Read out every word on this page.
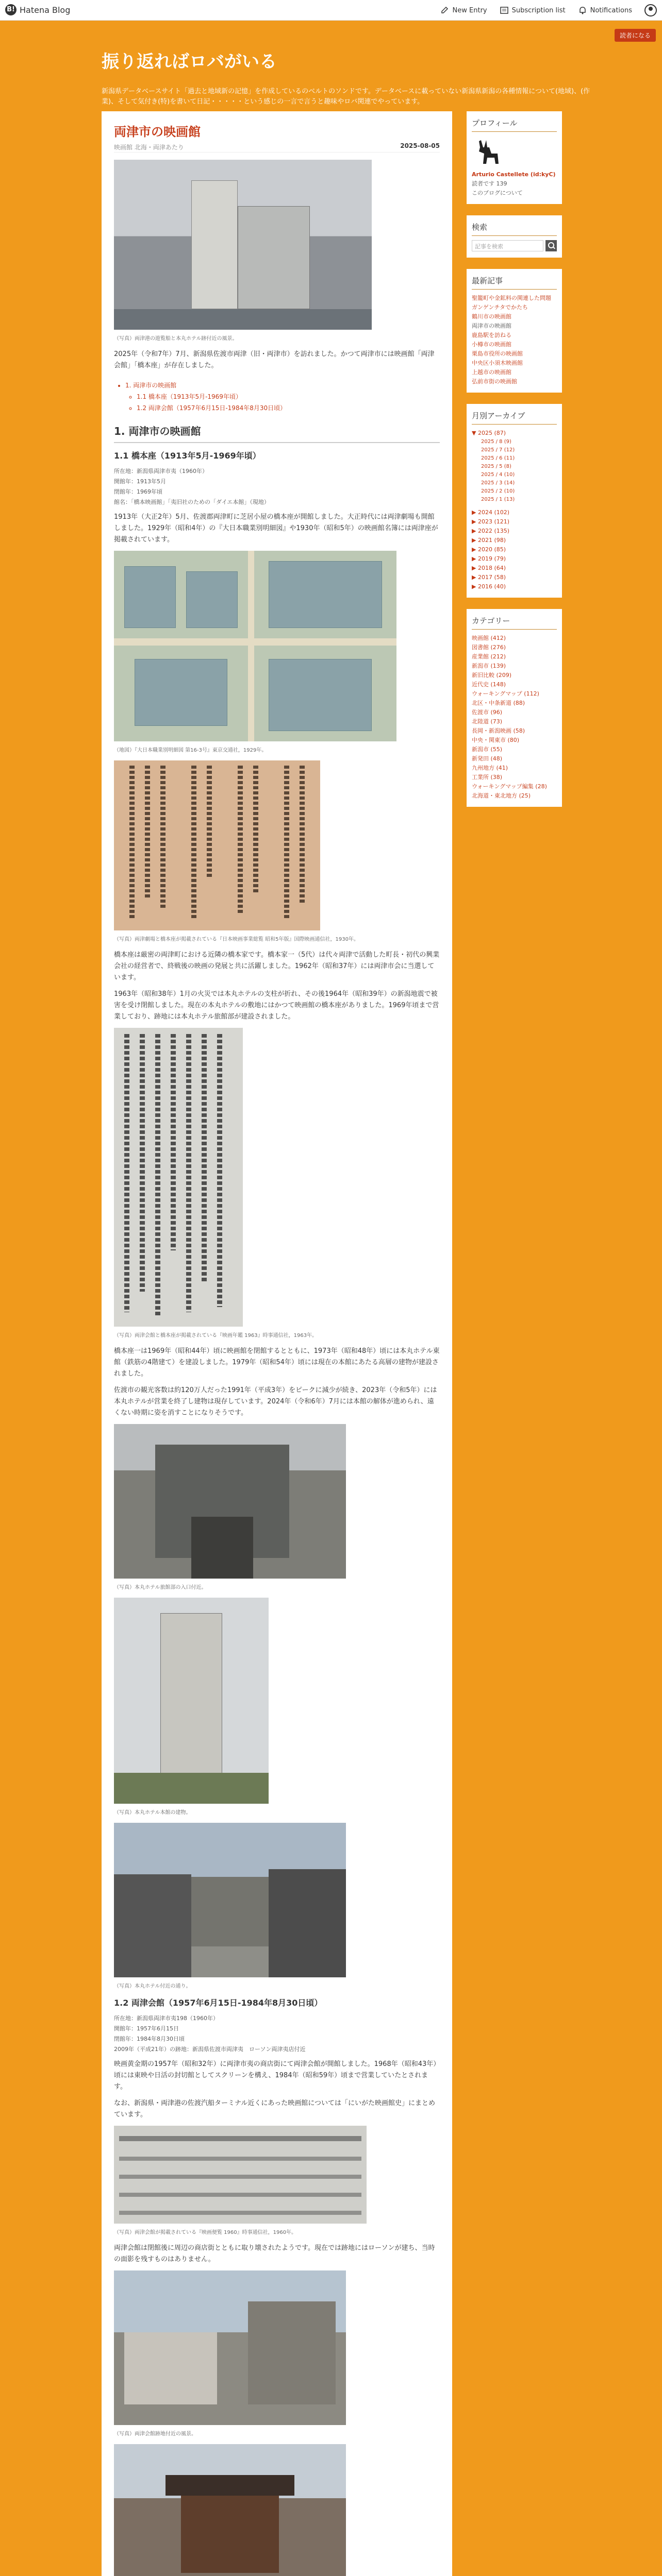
B! Hatena Blog	New Entry	Subscription list	Notifications
読者になる
振り返ればロバがいる
新潟県データベースサイト「過去と地域新の記憶」を作成しているのベルトのソンドです。データベースに載っていない新潟県新潟の各種情報について(地域)、(作業)、そして気付き(特)を書いて日記・・・・・という感じの一言で言うと趣味やロバ関連でやっています。
両津市の映画館
映画館 北海・両津あたり	2025-08-05
（写真）両津港の遊覧船と本丸ホテル跡付近の風景。

2025年（令和7年）7月、新潟県佐渡市両津（旧・両津市）を訪れました。かつて両津市には映画館「両津会館」「橋本座」が存在しました。

• 1. 両津市の映画館
◦ 1.1 橋本座（1913年5月-1969年頃）
◦ 1.2 両津会館（1957年6月15日-1984年8月30日頃）
1. 両津市の映画館
1.1 橋本座（1913年5月-1969年頃）
所在地：新潟県両津市夷（1960年）
開館年：1913年5月
閉館年：1969年頃
館名：「橋本映画館」「夷旧社のための「ダイエ本館」（現地）

1913年（大正2年）5月、佐渡郡両津町に芝居小屋の橋本座が開館しました。大正時代には両津劇場も開館しました。1929年（昭和4年）の『大日本職業別明細図』や1930年（昭和5年）の映画館名簿には両津座が掲載されています。

（地図）『大日本職業別明細図 第16-3号』東京交通社，1929年。
（写真）両津劇場と橋本座が掲載されている『日本映画事業総覧 昭和5年版』国際映画通信社，1930年。

橋本座は厳密の両津町における近隣の橋本家です。橋本家一（5代）は代々両津で活動した町長・初代の興業会社の経営者で、終戦後の映画の発展と共に活躍しました。1962年（昭和37年）には両津市会に当選しています。

1963年（昭和38年）1月の火災では本丸ホテルの支柱が折れ、その後1964年（昭和39年）の新潟地震で被害を受け閉館しました。現在の本丸ホテルの敷地にはかつて映画館の橋本座がありました。1969年頃まで営業しており、跡地には本丸ホテル旅館部が建設されました。

（写真）両津会館と橋本座が掲載されている『映画年鑑 1963』時事通信社，1963年。

橋本座一は1969年（昭和44年）頃に映画館を閉館するとともに、1973年（昭和48年）頃には本丸ホテル東館（鉄筋の4階建て）を建設しました。1979年（昭和54年）頃には現在の本館にあたる高層の建物が建設されました。

佐渡市の観光客数は約120万人だった1991年（平成3年）をピークに減少が続き、2023年（令和5年）には本丸ホテルが営業を終了し建物は現存しています。2024年（令和6年）7月には本館の解体が進められ、遠くない時期に姿を消すことになりそうです。

（写真）本丸ホテル旅館部の入口付近。
（写真）本丸ホテル本館の建物。
（写真）本丸ホテル付近の通り。
1.2 両津会館（1957年6月15日-1984年8月30日頃）
所在地：新潟県両津市夷198（1960年）
開館年：1957年6月15日
閉館年：1984年8月30日頃
2009年（平成21年）の跡地：新潟県佐渡市両津夷　ローソン両津夷店付近

映画黄金期の1957年（昭和32年）に両津市夷の商店街にて両津会館が開館しました。1968年（昭和43年）頃には東映や日活の封切館としてスクリーンを構え、1984年（昭和59年）頃まで営業していたとされます。

なお、新潟県・両津港の佐渡汽船ターミナル近くにあった映画館については「にいがた映画館史」にまとめています。

（写真）両津会館が掲載されている『映画便覧 1960』時事通信社，1960年。

両津会館は閉館後に周辺の商店街とともに取り壊されたようです。現在では跡地にはローソンが建ち、当時の面影を残すものはありません。

（写真）両津会館跡地付近の風景。
プロフィール
Arturio Castellete (id:kyC)
読者です 139
このブログについて
検索
記事を検索
最新記事
聖籠町や金鉱料の関連した問題
ガンゲンチタでかたち
鶴川市の映画館
両津市の映画館
鹿島駅を訪ねる
小樽市の映画館
栗島市役所の映画館
中央区小須木映画館
上越市の映画館
弘前市街の映画館
月別アーカイブ
▼ 2025 (87)
2025 / 8 (9)
2025 / 7 (12)
2025 / 6 (11)
2025 / 5 (8)
2025 / 4 (10)
2025 / 3 (14)
2025 / 2 (10)
2025 / 1 (13)
▶ 2024 (102)
▶ 2023 (121)
▶ 2022 (135)
▶ 2021 (98)
▶ 2020 (85)
▶ 2019 (79)
▶ 2018 (64)
▶ 2017 (58)
▶ 2016 (40)
カテゴリー
映画館 (412)
図書館 (276)
産業館 (212)
新潟市 (139)
新旧比較 (209)
近代史 (148)
ウォーキングマップ (112)
北区・中条新道 (88)
佐渡市 (96)
北陸道 (73)
長岡・新潟映画 (58)
中央・関東市 (80)
新潟市 (55)
新発田 (48)
九州地方 (41)
工業所 (38)
ウォーキングマップ編集 (28)
北海道・東北地方 (25)
